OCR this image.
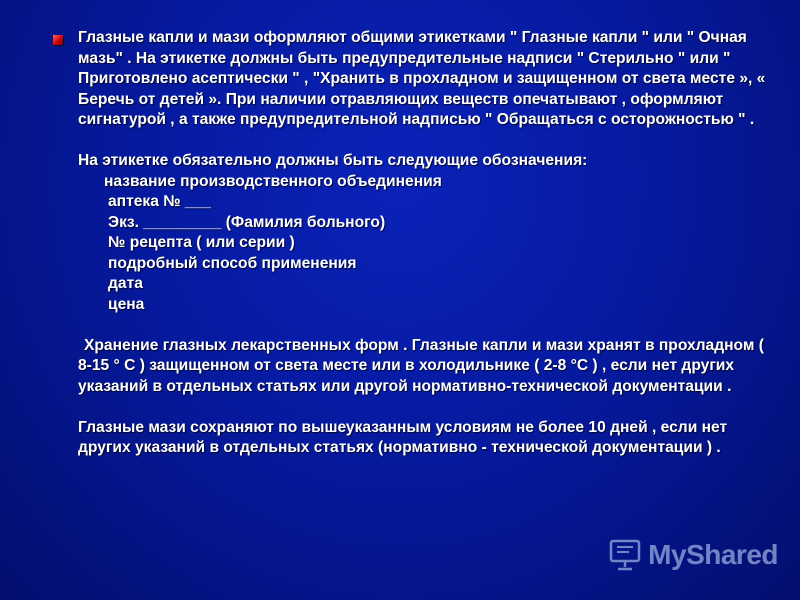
Глазные капли и мази оформляют общими этикетками " Глазные капли " или " Очная мазь" . На этикетке должны быть предупредительные надписи " Стерильно " или " Приготовлено асептически " , "Хранить в прохладном и защищенном от света месте », « Беречь от детей ». При наличии отравляющих веществ опечатывают , оформляют сигнатурой , а также предупредительной надписью " Обращаться с осторожностью " .

На этикетке обязательно должны быть следующие обозначения:

название производственного объединения

аптека № ___

Экз. _________ (Фамилия больного)

№ рецепта ( или серии )

подробный способ применения

дата

цена

Хранение глазных лекарственных форм . Глазные капли и мази хранят в прохладном ( 8-15 ° С ) защищенном от света месте или в холодильнике ( 2-8 °С ) , если нет других указаний в отдельных статьях или другой нормативно-технической документации .

Глазные мази сохраняют по вышеуказанным условиям не более 10 дней , если нет других указаний в отдельных статьях (нормативно - технической документации ) .

MyShared
